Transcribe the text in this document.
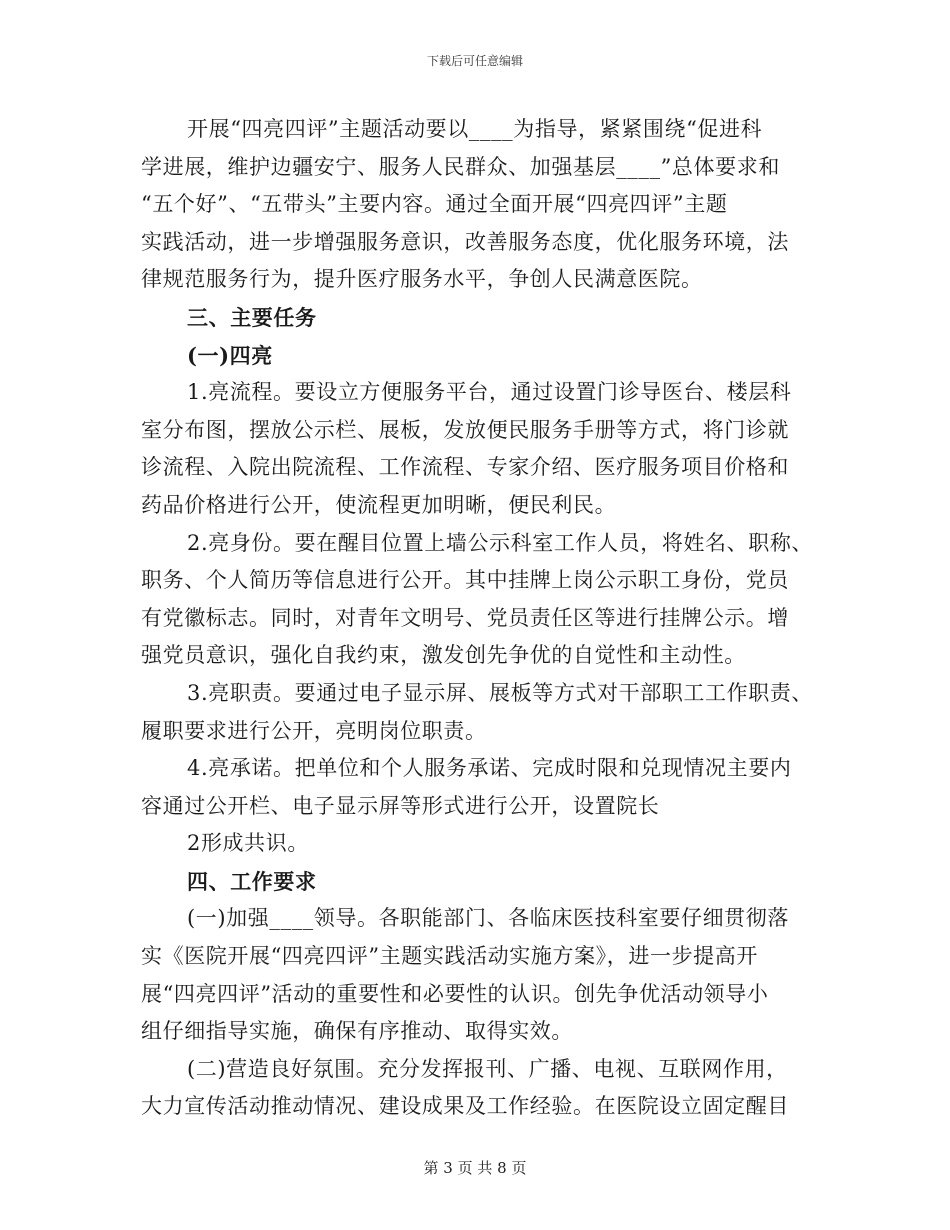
下载后可任意编辑
开展“四亮四评”主题活动要以____为指导，紧紧围绕“促进科
学进展，维护边疆安宁、服务人民群众、加强基层____”总体要求和
“五个好”、“五带头”主要内容。通过全面开展“四亮四评”主题
实践活动，进一步增强服务意识，改善服务态度，优化服务环境，法
律规范服务行为，提升医疗服务水平，争创人民满意医院。
三、主要任务
(一)四亮
1.亮流程。要设立方便服务平台，通过设置门诊导医台、楼层科
室分布图，摆放公示栏、展板，发放便民服务手册等方式，将门诊就
诊流程、入院出院流程、工作流程、专家介绍、医疗服务项目价格和
药品价格进行公开，使流程更加明晰，便民利民。
2.亮身份。要在醒目位置上墙公示科室工作人员，将姓名、职称、
职务、个人简历等信息进行公开。其中挂牌上岗公示职工身份，党员
有党徽标志。同时，对青年文明号、党员责任区等进行挂牌公示。增
强党员意识，强化自我约束，激发创先争优的自觉性和主动性。
3.亮职责。要通过电子显示屏、展板等方式对干部职工工作职责、
履职要求进行公开，亮明岗位职责。
4.亮承诺。把单位和个人服务承诺、完成时限和兑现情况主要内
容通过公开栏、电子显示屏等形式进行公开，设置院长
2形成共识。
四、工作要求
(一)加强____领导。各职能部门、各临床医技科室要仔细贯彻落
实《医院开展“四亮四评”主题实践活动实施方案》，进一步提高开
展“四亮四评”活动的重要性和必要性的认识。创先争优活动领导小
组仔细指导实施，确保有序推动、取得实效。
(二)营造良好氛围。充分发挥报刊、广播、电视、互联网作用，
大力宣传活动推动情况、建设成果及工作经验。在医院设立固定醒目
第 3 页 共 8 页
